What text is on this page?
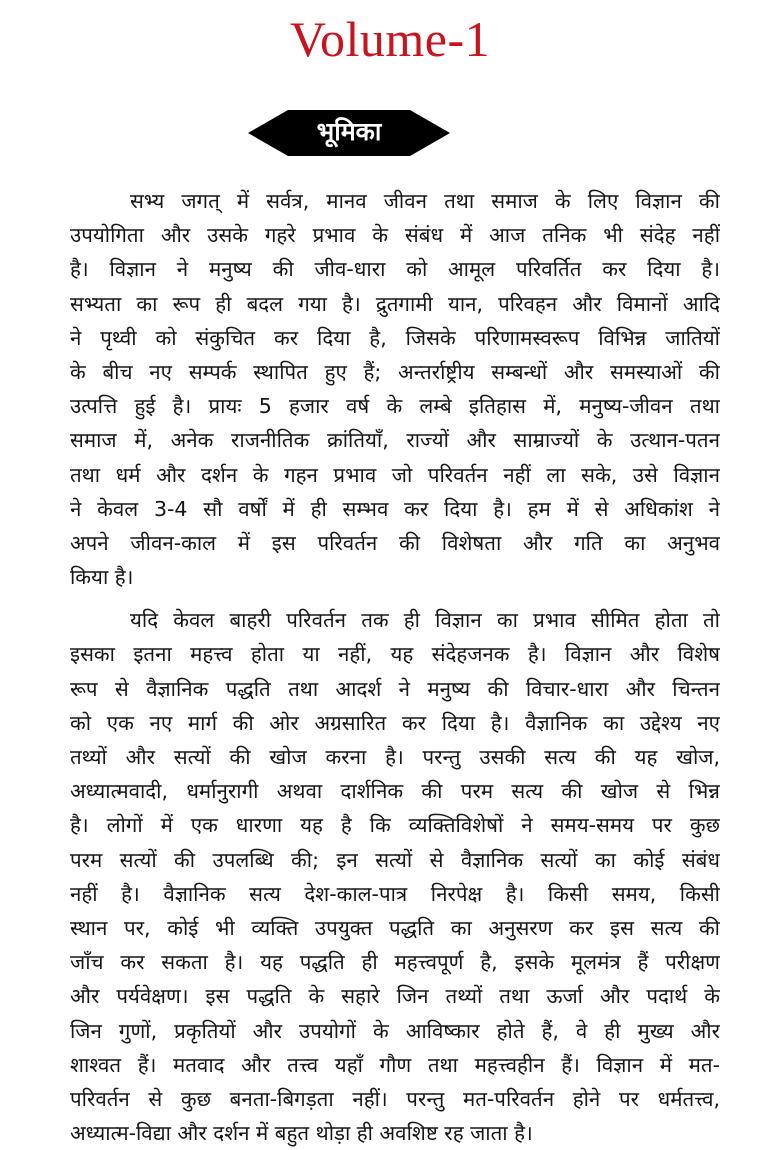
Volume-1
भूमिका
सभ्य जगत् में सर्वत्र, मानव जीवन तथा समाज के लिए विज्ञान की
उपयोगिता और उसके गहरे प्रभाव के संबंध में आज तनिक भी संदेह नहीं
है। विज्ञान ने मनुष्य की जीव-धारा को आमूल परिवर्तित कर दिया है।
सभ्यता का रूप ही बदल गया है। द्रुतगामी यान, परिवहन और विमानों आदि
ने पृथ्वी को संकुचित कर दिया है, जिसके परिणामस्वरूप विभिन्न जातियों
के बीच नए सम्पर्क स्थापित हुए हैं; अन्तर्राष्ट्रीय सम्बन्धों और समस्याओं की
उत्पत्ति हुई है। प्रायः 5 हजार वर्ष के लम्बे इतिहास में, मनुष्य-जीवन तथा
समाज में, अनेक राजनीतिक क्रांतियाँ, राज्यों और साम्राज्यों के उत्थान-पतन
तथा धर्म और दर्शन के गहन प्रभाव जो परिवर्तन नहीं ला सके, उसे विज्ञान
ने केवल 3-4 सौ वर्षों में ही सम्भव कर दिया है। हम में से अधिकांश ने
अपने जीवन-काल में इस परिवर्तन की विशेषता और गति का अनुभव
किया है।
यदि केवल बाहरी परिवर्तन तक ही विज्ञान का प्रभाव सीमित होता तो
इसका इतना महत्त्व होता या नहीं, यह संदेहजनक है। विज्ञान और विशेष
रूप से वैज्ञानिक पद्धति तथा आदर्श ने मनुष्य की विचार-धारा और चिन्तन
को एक नए मार्ग की ओर अग्रसारित कर दिया है। वैज्ञानिक का उद्देश्य नए
तथ्यों और सत्यों की खोज करना है। परन्तु उसकी सत्य की यह खोज,
अध्यात्मवादी, धर्मानुरागी अथवा दार्शनिक की परम सत्य की खोज से भिन्न
है। लोगों में एक धारणा यह है कि व्यक्तिविशेषों ने समय-समय पर कुछ
परम सत्यों की उपलब्धि की; इन सत्यों से वैज्ञानिक सत्यों का कोई संबंध
नहीं है। वैज्ञानिक सत्य देश-काल-पात्र निरपेक्ष है। किसी समय, किसी
स्थान पर, कोई भी व्यक्ति उपयुक्त पद्धति का अनुसरण कर इस सत्य की
जाँच कर सकता है। यह पद्धति ही महत्त्वपूर्ण है, इसके मूलमंत्र हैं परीक्षण
और पर्यवेक्षण। इस पद्धति के सहारे जिन तथ्यों तथा ऊर्जा और पदार्थ के
जिन गुणों, प्रकृतियों और उपयोगों के आविष्कार होते हैं, वे ही मुख्य और
शाश्वत हैं। मतवाद और तत्त्व यहाँ गौण तथा महत्त्वहीन हैं। विज्ञान में मत-
परिवर्तन से कुछ बनता-बिगड़ता नहीं। परन्तु मत-परिवर्तन होने पर धर्मतत्त्व,
अध्यात्म-विद्या और दर्शन में बहुत थोड़ा ही अवशिष्ट रह जाता है।
